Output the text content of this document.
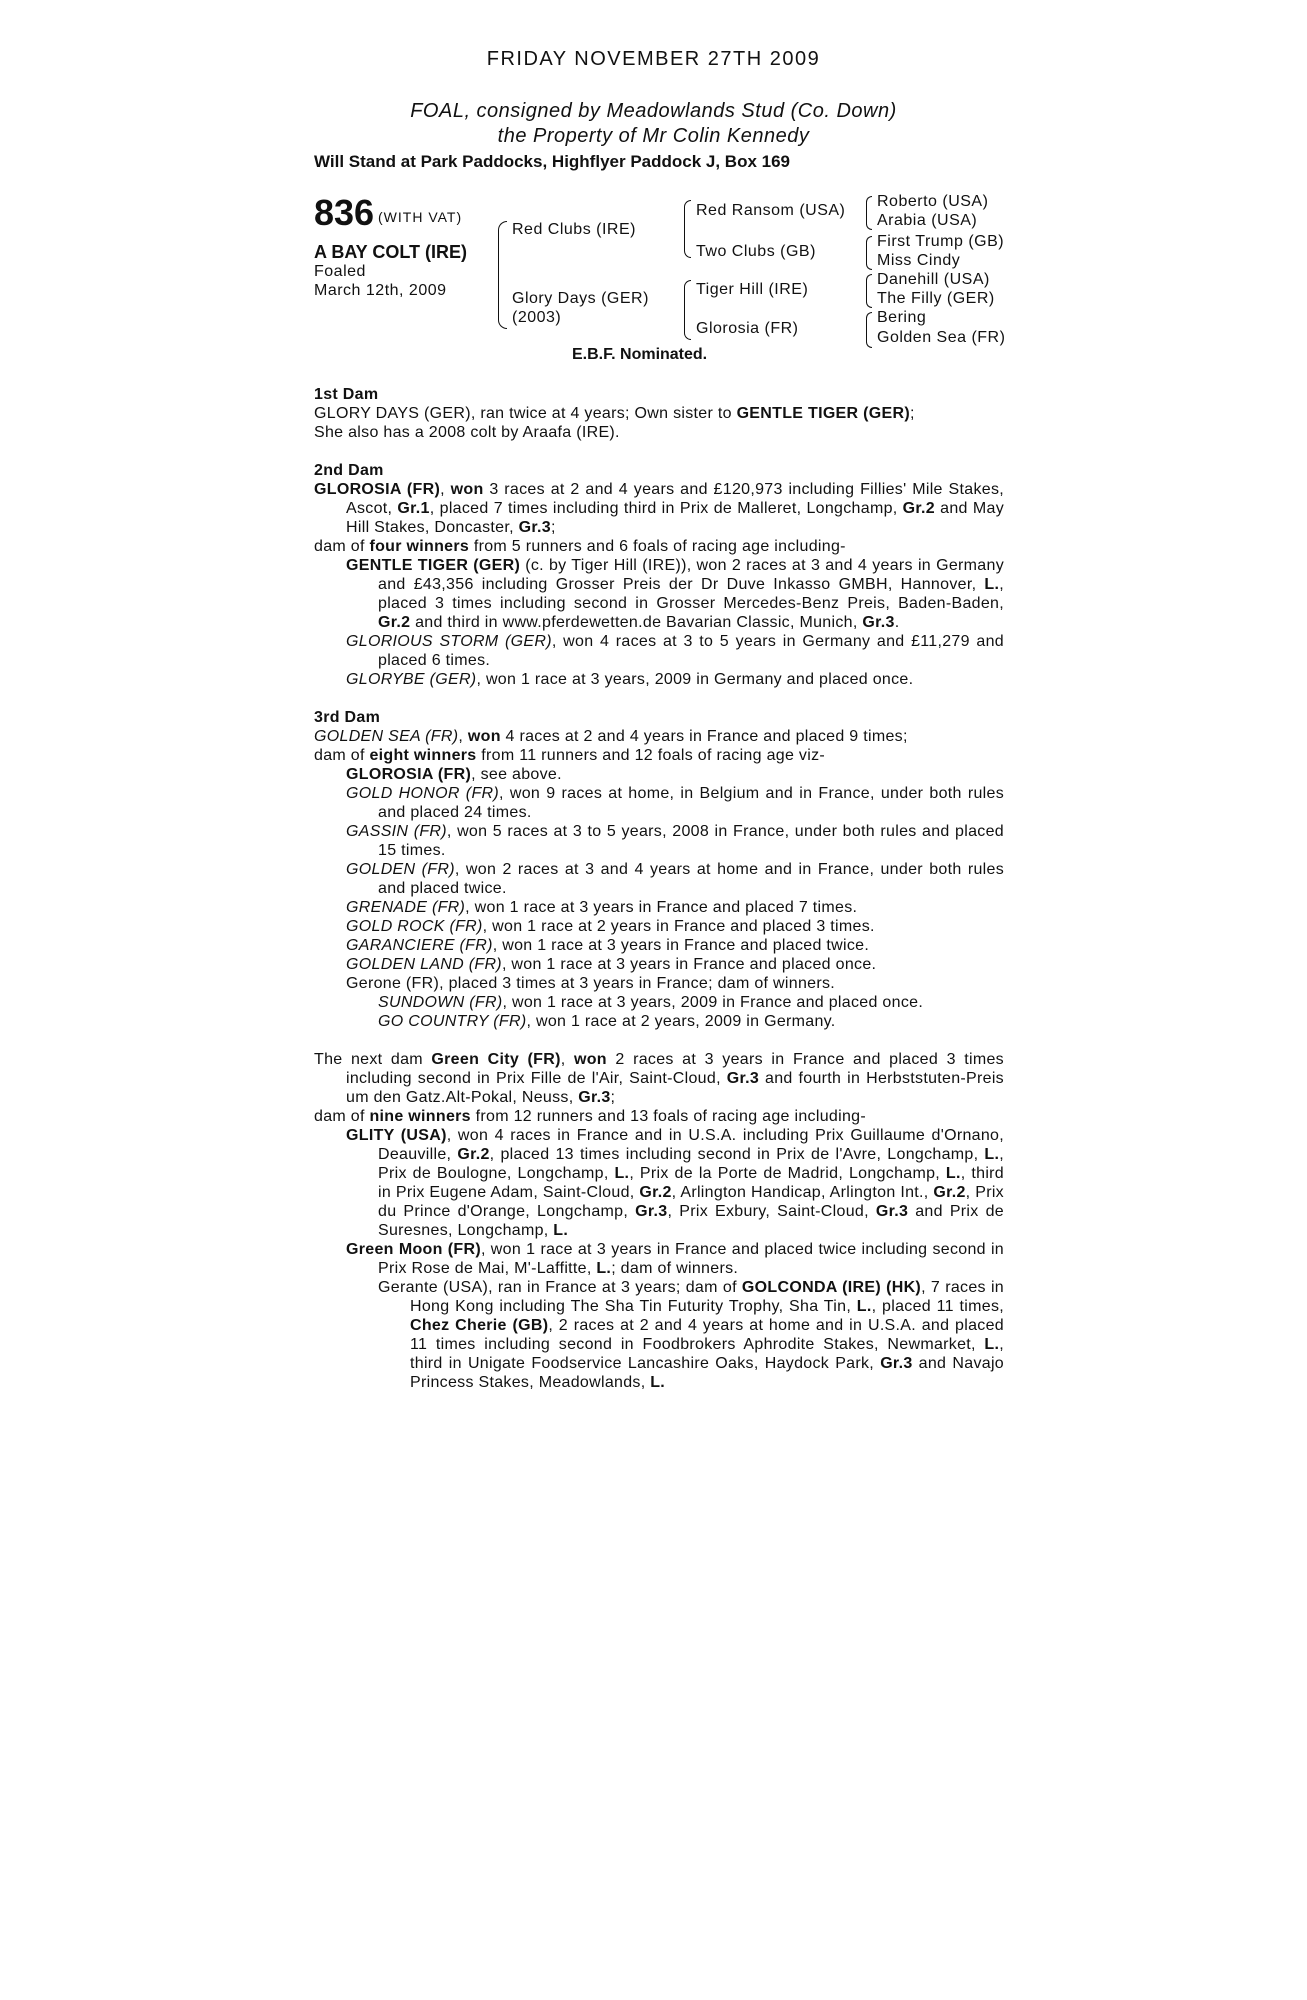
FRIDAY NOVEMBER 27TH 2009
FOAL, consigned by Meadowlands Stud (Co. Down)
the Property of Mr Colin Kennedy
Will Stand at Park Paddocks, Highflyer Paddock J, Box 169
836 (WITH VAT)
A BAY COLT (IRE)
Foaled
March 12th, 2009
Red Clubs (IRE)
Glory Days (GER)
(2003)
Red Ransom (USA)
Two Clubs (GB)
Tiger Hill (IRE)
Glorosia (FR)
Roberto (USA)
Arabia (USA)
First Trump (GB)
Miss Cindy
Danehill (USA)
The Filly (GER)
Bering
Golden Sea (FR)
E.B.F. Nominated.

1st Dam

GLORY DAYS (GER), ran twice at 4 years; Own sister to GENTLE TIGER (GER);

She also has a 2008 colt by Araafa (IRE).

2nd Dam

GLOROSIA (FR), won 3 races at 2 and 4 years and £120,973 including Fillies' Mile Stakes, Ascot, Gr.1, placed 7 times including third in Prix de Malleret, Longchamp, Gr.2 and May Hill Stakes, Doncaster, Gr.3;

dam of four winners from 5 runners and 6 foals of racing age including-

GENTLE TIGER (GER) (c. by Tiger Hill (IRE)), won 2 races at 3 and 4 years in Germany and £43,356 including Grosser Preis der Dr Duve Inkasso GMBH, Hannover, L., placed 3 times including second in Grosser Mercedes-Benz Preis, Baden-Baden, Gr.2 and third in www.pferdewetten.de Bavarian Classic, Munich, Gr.3.

GLORIOUS STORM (GER), won 4 races at 3 to 5 years in Germany and £11,279 and placed 6 times.

GLORYBE (GER), won 1 race at 3 years, 2009 in Germany and placed once.

3rd Dam

GOLDEN SEA (FR), won 4 races at 2 and 4 years in France and placed 9 times;

dam of eight winners from 11 runners and 12 foals of racing age viz-

GLOROSIA (FR), see above.

GOLD HONOR (FR), won 9 races at home, in Belgium and in France, under both rules and placed 24 times.

GASSIN (FR), won 5 races at 3 to 5 years, 2008 in France, under both rules and placed 15 times.

GOLDEN (FR), won 2 races at 3 and 4 years at home and in France, under both rules and placed twice.

GRENADE (FR), won 1 race at 3 years in France and placed 7 times.

GOLD ROCK (FR), won 1 race at 2 years in France and placed 3 times.

GARANCIERE (FR), won 1 race at 3 years in France and placed twice.

GOLDEN LAND (FR), won 1 race at 3 years in France and placed once.

Gerone (FR), placed 3 times at 3 years in France; dam of winners.

SUNDOWN (FR), won 1 race at 3 years, 2009 in France and placed once.

GO COUNTRY (FR), won 1 race at 2 years, 2009 in Germany.

The next dam Green City (FR), won 2 races at 3 years in France and placed 3 times including second in Prix Fille de l'Air, Saint-Cloud, Gr.3 and fourth in Herbststuten-Preis um den Gatz.Alt-Pokal, Neuss, Gr.3;

dam of nine winners from 12 runners and 13 foals of racing age including-

GLITY (USA), won 4 races in France and in U.S.A. including Prix Guillaume d'Ornano, Deauville, Gr.2, placed 13 times including second in Prix de l'Avre, Longchamp, L., Prix de Boulogne, Longchamp, L., Prix de la Porte de Madrid, Longchamp, L., third in Prix Eugene Adam, Saint-Cloud, Gr.2, Arlington Handicap, Arlington Int., Gr.2, Prix du Prince d'Orange, Longchamp, Gr.3, Prix Exbury, Saint-Cloud, Gr.3 and Prix de Suresnes, Longchamp, L.

Green Moon (FR), won 1 race at 3 years in France and placed twice including second in Prix Rose de Mai, M'-Laffitte, L.; dam of winners.

Gerante (USA), ran in France at 3 years; dam of GOLCONDA (IRE) (HK), 7 races in Hong Kong including The Sha Tin Futurity Trophy, Sha Tin, L., placed 11 times, Chez Cherie (GB), 2 races at 2 and 4 years at home and in U.S.A. and placed 11 times including second in Foodbrokers Aphrodite Stakes, Newmarket, L., third in Unigate Foodservice Lancashire Oaks, Haydock Park, Gr.3 and Navajo Princess Stakes, Meadowlands, L.
